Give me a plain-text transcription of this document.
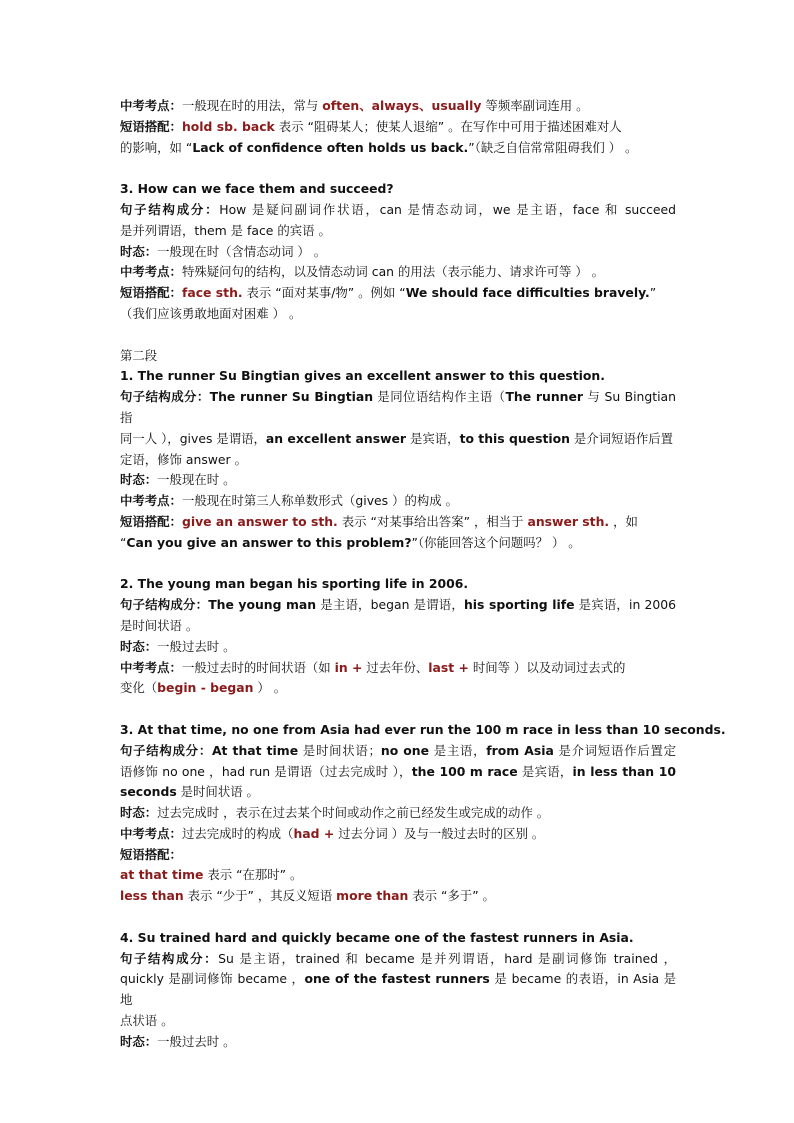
中考考点：一般现在时的用法，常与 often、always、usually 等频率副词连用 。
短语搭配：hold sb. back 表示 “阻碍某人；使某人退缩” 。在写作中可用于描述困难对人
的影响，如 “Lack of confidence often holds us back.”（缺乏自信常常阻碍我们 ） 。
3. How can we face them and succeed?
句子结构成分：How 是疑问副词作状语，can 是情态动词，we 是主语，face 和 succeed
是并列谓语，them 是 face 的宾语 。
时态：一般现在时（含情态动词 ） 。
中考考点：特殊疑问句的结构，以及情态动词 can 的用法（表示能力、请求许可等 ） 。
短语搭配：face sth. 表示 “面对某事/物” 。例如 “We should face difficulties bravely.”
（我们应该勇敢地面对困难 ） 。
第二段
1. The runner Su Bingtian gives an excellent answer to this question.
句子结构成分：The runner Su Bingtian 是同位语结构作主语（The runner 与 Su Bingtian 指
同一人 ），gives 是谓语，an excellent answer 是宾语，to this question 是介词短语作后置
定语，修饰 answer 。
时态：一般现在时 。
中考考点：一般现在时第三人称单数形式（gives ）的构成 。
短语搭配：give an answer to sth. 表示 “对某事给出答案” ，相当于 answer sth. ，如
“Can you give an answer to this problem?”（你能回答这个问题吗？ ） 。
2. The young man began his sporting life in 2006.
句子结构成分：The young man 是主语，began 是谓语，his sporting life 是宾语，in 2006
是时间状语 。
时态：一般过去时 。
中考考点：一般过去时的时间状语（如 in + 过去年份、last + 时间等 ）以及动词过去式的
变化（begin - began ） 。
3. At that time, no one from Asia had ever run the 100 m race in less than 10 seconds.
句子结构成分：At that time 是时间状语；no one 是主语，from Asia 是介词短语作后置定
语修饰 no one ，had run 是谓语（过去完成时 ），the 100 m race 是宾语，in less than 10
seconds 是时间状语 。
时态：过去完成时 ，表示在过去某个时间或动作之前已经发生或完成的动作 。
中考考点：过去完成时的构成（had + 过去分词 ）及与一般过去时的区别 。
短语搭配：
at that time 表示 “在那时” 。
less than 表示 “少于” ，其反义短语 more than 表示 “多于” 。
4. Su trained hard and quickly became one of the fastest runners in Asia.
句子结构成分：Su 是主语，trained 和 became 是并列谓语，hard 是副词修饰 trained ，
quickly 是副词修饰 became ，one of the fastest runners 是 became 的表语，in Asia 是地
点状语 。
时态：一般过去时 。
